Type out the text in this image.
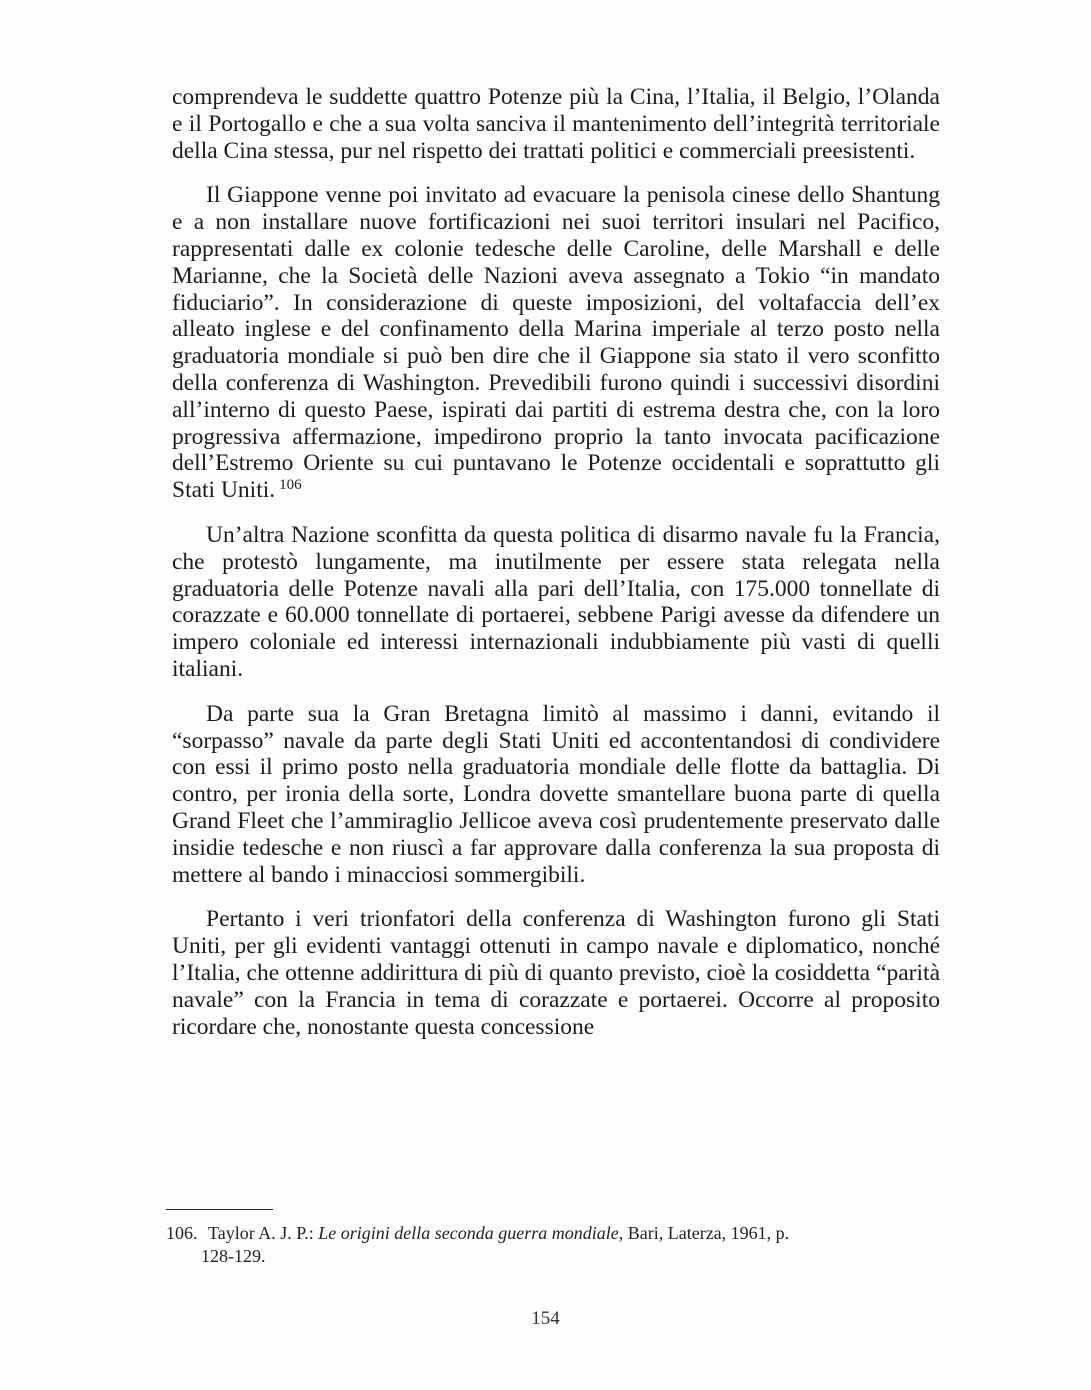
comprendeva le suddette quattro Potenze più la Cina, l’Italia, il Belgio, l’Olanda e il Portogallo e che a sua volta sanciva il mantenimento dell’integrità territoriale della Cina stessa, pur nel rispetto dei trattati politici e commerciali preesistenti.

Il Giappone venne poi invitato ad evacuare la penisola cinese dello Shantung e a non installare nuove fortificazioni nei suoi territori insulari nel Pacifico, rappresentati dalle ex colonie tedesche delle Caroline, delle Marshall e delle Marianne, che la Società delle Nazioni aveva assegnato a Tokio “in mandato fiduciario”. In considerazione di queste imposizioni, del voltafaccia dell’ex alleato inglese e del confinamento della Marina imperiale al terzo posto nella graduatoria mondiale si può ben dire che il Giappone sia stato il vero sconfitto della conferenza di Washington. Prevedibili furono quindi i successivi disordini all’interno di questo Paese, ispirati dai partiti di estrema destra che, con la loro progressiva affermazione, impedirono proprio la tanto invocata pacificazione dell’Estremo Oriente su cui puntavano le Potenze occidentali e soprattutto gli Stati Uniti. $^{106}$

Un’altra Nazione sconfitta da questa politica di disarmo navale fu la Francia, che protestò lungamente, ma inutilmente per essere stata relegata nella graduatoria delle Potenze navali alla pari dell’Italia, con 175.000 tonnellate di corazzate e 60.000 tonnellate di portaerei, sebbene Parigi avesse da difendere un impero coloniale ed interessi internazionali indubbiamente più vasti di quelli italiani.

Da parte sua la Gran Bretagna limitò al massimo i danni, evitando il “sorpasso” navale da parte degli Stati Uniti ed accontentandosi di condividere con essi il primo posto nella graduatoria mondiale delle flotte da battaglia. Di contro, per ironia della sorte, Londra dovette smantellare buona parte di quella Grand Fleet che l’ammiraglio Jellicoe aveva così prudentemente preservato dalle insidie tedesche e non riuscì a far approvare dalla conferenza la sua proposta di mettere al bando i minacciosi sommergibili.

Pertanto i veri trionfatori della conferenza di Washington furono gli Stati Uniti, per gli evidenti vantaggi ottenuti in campo navale e diplomatico, nonché l’Italia, che ottenne addirittura di più di quanto previsto, cioè la cosiddetta “parità navale” con la Francia in tema di corazzate e portaerei. Occorre al proposito ricordare che, nonostante questa concessione

106. Taylor A. J. P.: Le origini della seconda guerra mondiale, Bari, Laterza, 1961, p.
128-129.
154
